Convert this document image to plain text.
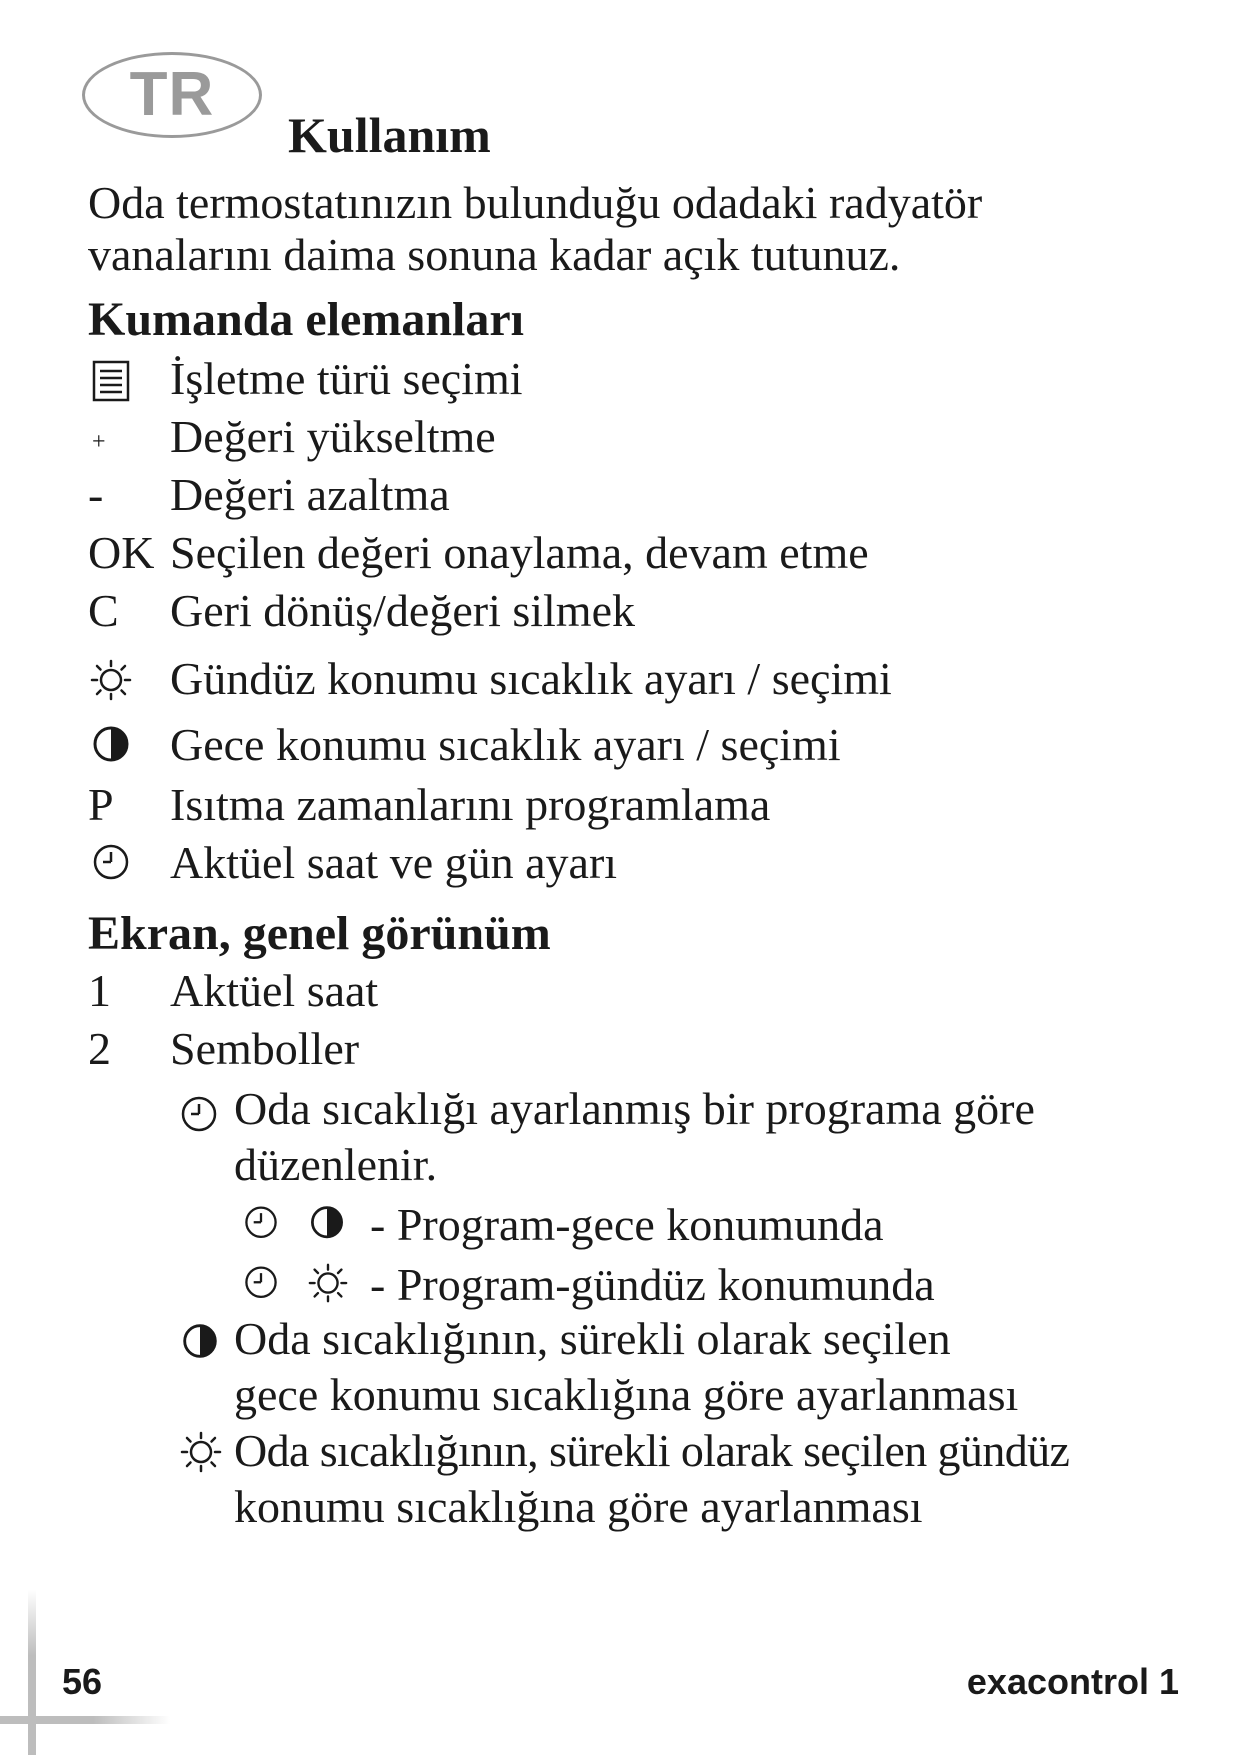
TR
Kullanım

Oda termostatınızın bulunduğu odadaki radyatör

vanalarını daima sonuna kadar açık tutunuz.

Kumanda elemanları
İşletme türü seçimi
+ Değeri yükseltme
- Değeri azaltma
OK Seçilen değeri onaylama, devam etme
C Geri dönüş/değeri silmek
Gündüz konumu sıcaklık ayarı / seçimi
Gece konumu sıcaklık ayarı / seçimi
P Isıtma zamanlarını programlama
Aktüel saat ve gün ayarı
Ekran, genel görünüm
1 Aktüel saat
2 Semboller
Oda sıcaklığı ayarlanmış bir programa göre
düzenlenir.
- Program-gece konumunda
- Program-gündüz konumunda
Oda sıcaklığının, sürekli olarak seçilen
gece konumu sıcaklığına göre ayarlanması
Oda sıcaklığının, sürekli olarak seçilen gündüz
konumu sıcaklığına göre ayarlanması
56	exacontrol 1
